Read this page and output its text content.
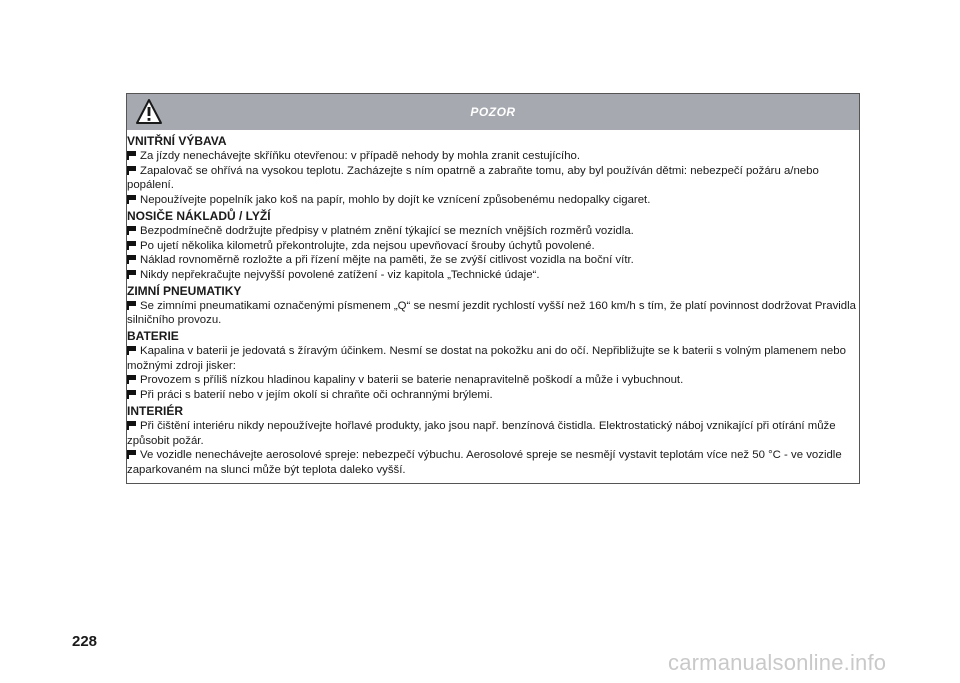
POZOR
VNITŘNÍ VÝBAVA

Za jízdy nenechávejte skříňku otevřenou: v případě nehody by mohla zranit cestujícího.

Zapalovač se ohřívá na vysokou teplotu. Zacházejte s ním opatrně a zabraňte tomu, aby byl používán dětmi: nebezpečí požáru a/nebo popálení.

Nepoužívejte popelník jako koš na papír, mohlo by dojít ke vznícení způsobenému nedopalky cigaret.

NOSIČE NÁKLADŮ / LYŽÍ

Bezpodmínečně dodržujte předpisy v platném znění týkající se mezních vnějších rozměrů vozidla.

Po ujetí několika kilometrů překontrolujte, zda nejsou upevňovací šrouby úchytů povolené.

Náklad rovnoměrně rozložte a při řízení mějte na paměti, že se zvýší citlivost vozidla na boční vítr.

Nikdy nepřekračujte nejvyšší povolené zatížení - viz kapitola „Technické údaje“.

ZIMNÍ PNEUMATIKY

Se zimními pneumatikami označenými písmenem „Q“ se nesmí jezdit rychlostí vyšší než 160 km/h s tím, že platí povinnost dodržovat Pravidla silničního provozu.

BATERIE

Kapalina v baterii je jedovatá s žíravým účinkem. Nesmí se dostat na pokožku ani do očí. Nepřibližujte se k baterii s volným plamenem nebo možnými zdroji jisker:

Provozem s příliš nízkou hladinou kapaliny v baterii se baterie nenapravitelně poškodí a může i vybuchnout.

Při práci s baterií nebo v jejím okolí si chraňte oči ochrannými brýlemi.

INTERIÉR

Při čištění interiéru nikdy nepoužívejte hořlavé produkty, jako jsou např. benzínová čistidla. Elektrostatický náboj vznikající při otírání může způsobit požár.

Ve vozidle nenechávejte aerosolové spreje: nebezpečí výbuchu. Aerosolové spreje se nesmějí vystavit teplotám více než 50 °C - ve vozidle zaparkovaném na slunci může být teplota daleko vyšší.

228
carmanualsonline.info
